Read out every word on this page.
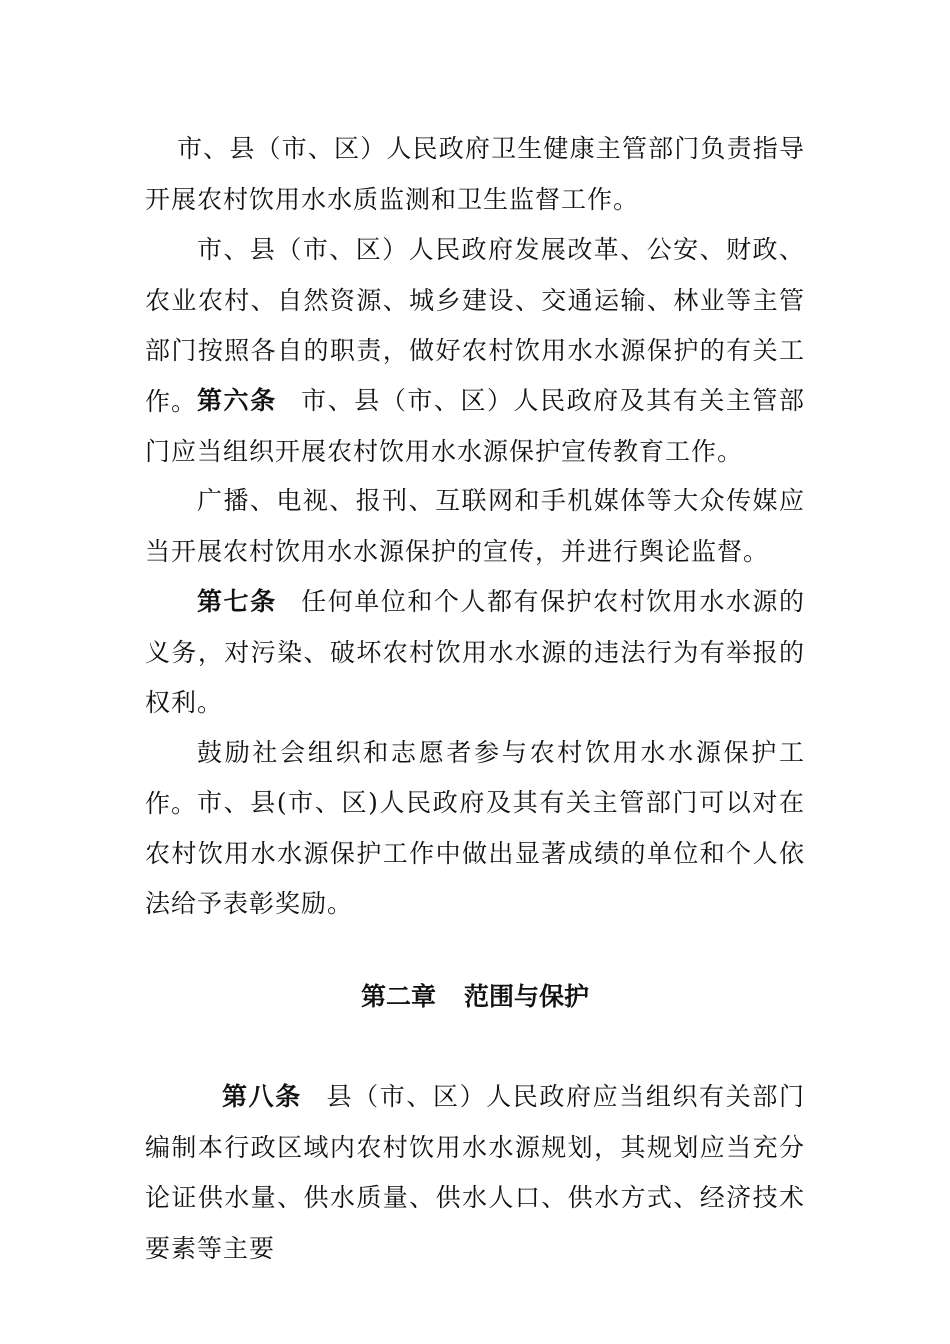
市、县（市、区）人民政府卫生健康主管部门负责指导开展农村饮用水水质监测和卫生监督工作。

市、县（市、区）人民政府发展改革、公安、财政、农业农村、自然资源、城乡建设、交通运输、林业等主管部门按照各自的职责，做好农村饮用水水源保护的有关工作。 第六条 市、县（市、区）人民政府及其有关主管部门应当组织开展农村饮用水水源保护宣传教育工作。

广播、电视、报刊、互联网和手机媒体等大众传媒应当开展农村饮用水水源保护的宣传，并进行舆论监督。

第七条 任何单位和个人都有保护农村饮用水水源的义务，对污染、破坏农村饮用水水源的违法行为有举报的权利。

鼓励社会组织和志愿者参与农村饮用水水源保护工作。 市、县(市、区)人民政府及其有关主管部门可以对在农村饮用水水源保护工作中做出显著成绩的单位和个人依法给予表彰奖励。

第二章 范围与保护

第八条 县（市、区）人民政府应当组织有关部门编制本行政区域内农村饮用水水源规划，其规划应当充分论证供水量、供水质量、供水人口、供水方式、经济技术要素等主要
